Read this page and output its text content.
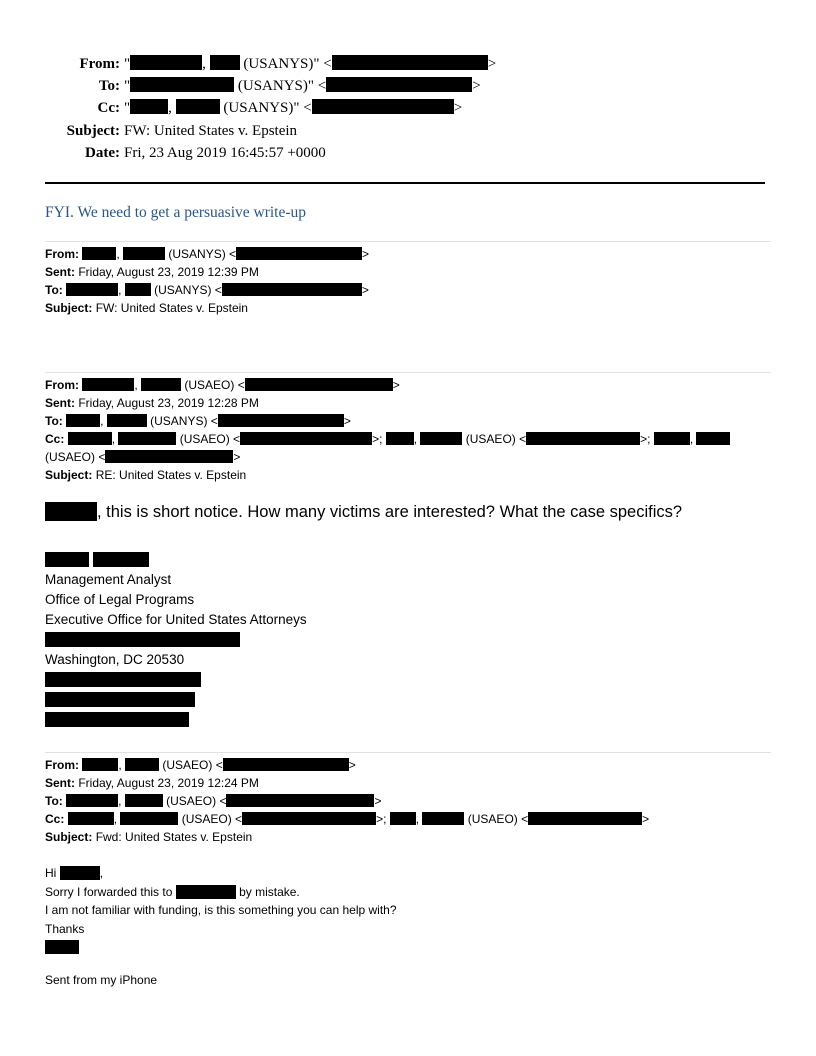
From: "	,  (USANYS)" <	>
To: "	(USANYS)" <	>
Cc: "	,	(USANYS)" <	>
Subject: FW: United States v. Epstein
Date: Fri, 23 Aug 2019 16:45:57 +0000
FYI. We need to get a persuasive write-up
From:	,	(USANYS) <	>
Sent: Friday, August 23, 2019 12:39 PM
To:	,  (USANYS) <	>
Subject: FW: United States v. Epstein
From:	,	(USAEO) <	>
Sent: Friday, August 23, 2019 12:28 PM
To:	,	(USANYS) <	>
Cc:	,	(USAEO) <	>; ,	(USAEO) <	>;	,
(USAEO) <	>
Subject: RE: United States v. Epstein
, this is short notice. How many victims are interested? What the case specifics?

Management Analyst
Office of Legal Programs
Executive Office for United States Attorneys
Washington, DC 20530
From:	,	(USAEO) <	>
Sent: Friday, August 23, 2019 12:24 PM
To:	,	(USAEO) <	>
Cc:	,	(USAEO) <	>; ,	(USAEO) <	>
Subject: Fwd: United States v. Epstein
Hi	,
Sorry I forwarded this to	by mistake.
I am not familiar with funding, is this something you can help with?
Thanks
Sent from my iPhone
